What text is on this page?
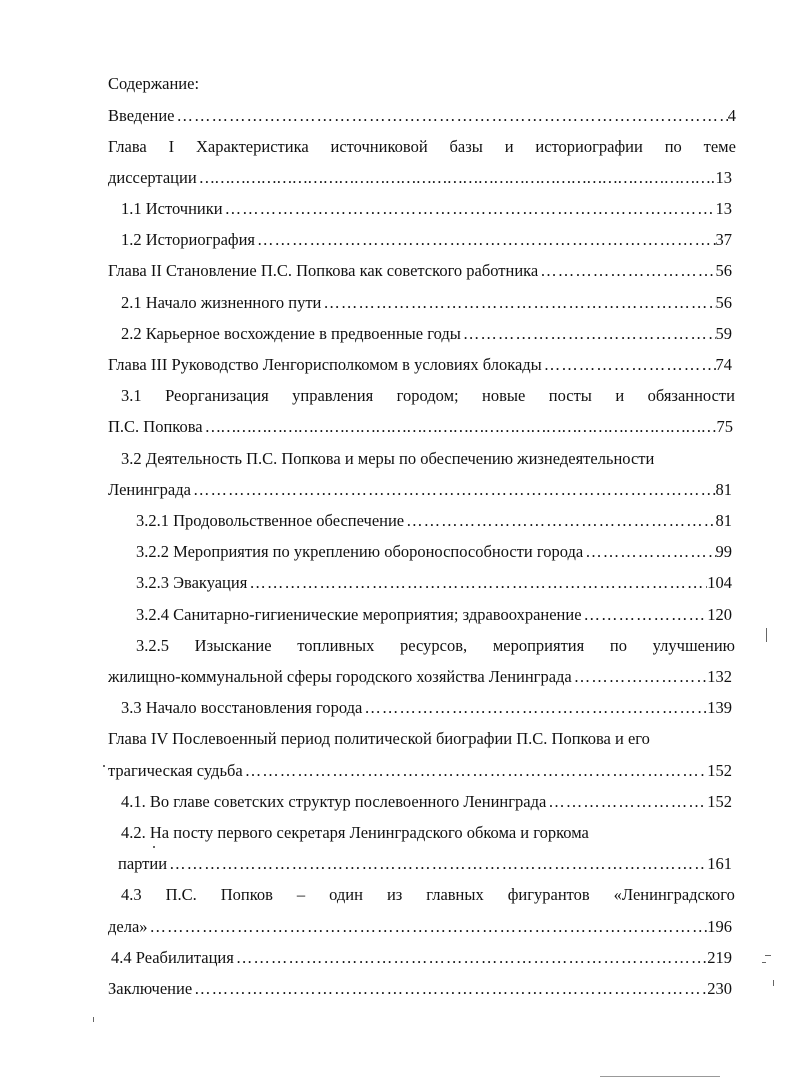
Содержание:
Введение ……………………………………………………………………………………………………………………………………………………………………	4
Глава I Характеристика источниковой базы и историографии по теме
диссертации ……………………………………………………………………………………………………………………………………………………………………	13
1.1 Источники ……………………………………………………………………………………………………………………………………………………………………	13
1.2 Историография ……………………………………………………………………………………………………………………………………………………………………	37
Глава II Становление П.С. Попкова как советского работника ……………………………………………………………………………………………………………………………………………………………………	56
2.1 Начало жизненного пути ……………………………………………………………………………………………………………………………………………………………………	56
2.2 Карьерное восхождение в предвоенные годы ……………………………………………………………………………………………………………………………………………………………………	59
Глава III Руководство Ленгорисполкомом в условиях блокады ……………………………………………………………………………………………………………………………………………………………………	74
3.1 Реорганизация управления городом; новые посты и обязанности
П.С. Попкова ……………………………………………………………………………………………………………………………………………………………………	75
3.2 Деятельность П.С. Попкова и меры по обеспечению жизнедеятельности
Ленинграда ……………………………………………………………………………………………………………………………………………………………………	81
3.2.1 Продовольственное обеспечение ……………………………………………………………………………………………………………………………………………………………………	81
3.2.2 Мероприятия по укреплению обороноспособности города ……………………………………………………………………………………………………………………………………………………………………	99
3.2.3 Эвакуация ……………………………………………………………………………………………………………………………………………………………………	104
3.2.4 Санитарно-гигиенические мероприятия; здравоохранение ……………………………………………………………………………………………………………………………………………………………………	120
3.2.5 Изыскание топливных ресурсов, мероприятия по улучшению
жилищно-коммунальной сферы городского хозяйства Ленинграда ……………………………………………………………………………………………………………………………………………………………………	132
3.3 Начало восстановления города ……………………………………………………………………………………………………………………………………………………………………	139
Глава IV Послевоенный период политической биографии П.С. Попкова и его
трагическая судьба ……………………………………………………………………………………………………………………………………………………………………	152
4.1. Во главе советских структур послевоенного Ленинграда ……………………………………………………………………………………………………………………………………………………………………	152
4.2. На посту первого секретаря Ленинградского обкома и горкома
партии ……………………………………………………………………………………………………………………………………………………………………	161
4.3 П.С. Попков – один из главных фигурантов «Ленинградского
дела» ……………………………………………………………………………………………………………………………………………………………………	196
4.4 Реабилитация ……………………………………………………………………………………………………………………………………………………………………	219
Заключение ……………………………………………………………………………………………………………………………………………………………………	230
